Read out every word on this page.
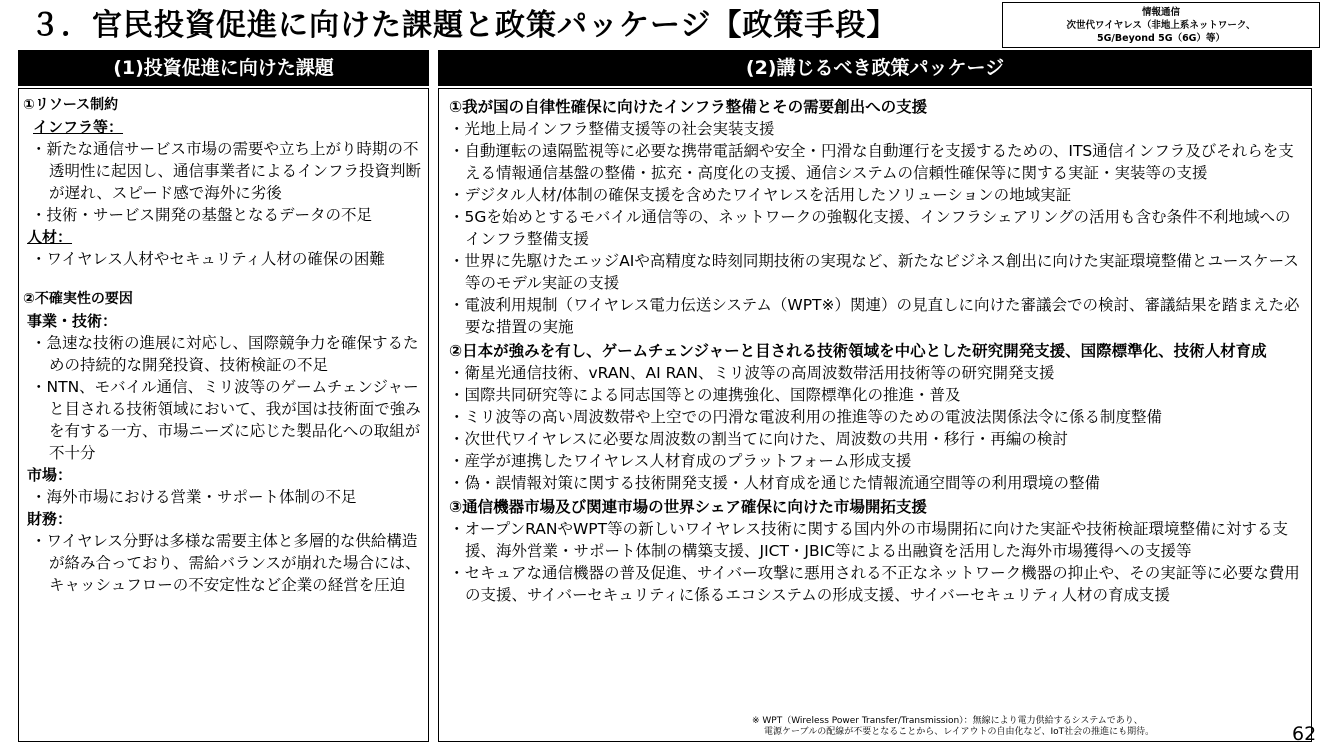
３．官民投資促進に向けた課題と政策パッケージ【政策手段】	情報通信
次世代ワイヤレス（非地上系ネットワーク、
5G/Beyond 5G（6G）等）
(1)投資促進に向けた課題	(2)講じるべき政策パッケージ
①リソース制約
インフラ等：
・新たな通信サービス市場の需要や立ち上がり時期の不透明性に起因し、通信事業者によるインフラ投資判断が遅れ、スピード感で海外に劣後
・技術・サービス開発の基盤となるデータの不足
人材：
・ワイヤレス人材やセキュリティ人材の確保の困難
②不確実性の要因
事業・技術：
・急速な技術の進展に対応し、国際競争力を確保するための持続的な開発投資、技術検証の不足
・NTN、モバイル通信、ミリ波等のゲームチェンジャーと目される技術領域において、我が国は技術面で強みを有する一方、市場ニーズに応じた製品化への取組が不十分
市場：
・海外市場における営業・サポート体制の不足
財務：
・ワイヤレス分野は多様な需要主体と多層的な供給構造が絡み合っており、需給バランスが崩れた場合には、キャッシュフローの不安定性など企業の経営を圧迫
①我が国の自律性確保に向けたインフラ整備とその需要創出への支援
・光地上局インフラ整備支援等の社会実装支援
・自動運転の遠隔監視等に必要な携帯電話網や安全・円滑な自動運行を支援するための、ITS通信インフラ及びそれらを支える情報通信基盤の整備・拡充・高度化の支援、通信システムの信頼性確保等に関する実証・実装等の支援
・デジタル人材/体制の確保支援を含めたワイヤレスを活用したソリューションの地域実証
・5Gを始めとするモバイル通信等の、ネットワークの強靱化支援、インフラシェアリングの活用も含む条件不利地域へのインフラ整備支援
・世界に先駆けたエッジAIや高精度な時刻同期技術の実現など、新たなビジネス創出に向けた実証環境整備とユースケース等のモデル実証の支援
・電波利用規制（ワイヤレス電力伝送システム（WPT※）関連）の見直しに向けた審議会での検討、審議結果を踏まえた必要な措置の実施
②日本が強みを有し、ゲームチェンジャーと目される技術領域を中心とした研究開発支援、国際標準化、技術人材育成
・衛星光通信技術、vRAN、AI RAN、ミリ波等の高周波数帯活用技術等の研究開発支援
・国際共同研究等による同志国等との連携強化、国際標準化の推進・普及
・ミリ波等の高い周波数帯や上空での円滑な電波利用の推進等のための電波法関係法令に係る制度整備
・次世代ワイヤレスに必要な周波数の割当てに向けた、周波数の共用・移行・再編の検討
・産学が連携したワイヤレス人材育成のプラットフォーム形成支援
・偽・誤情報対策に関する技術開発支援・人材育成を通じた情報流通空間等の利用環境の整備
③通信機器市場及び関連市場の世界シェア確保に向けた市場開拓支援
・オープンRANやWPT等の新しいワイヤレス技術に関する国内外の市場開拓に向けた実証や技術検証環境整備に対する支援、海外営業・サポート体制の構築支援、JICT・JBIC等による出融資を活用した海外市場獲得への支援等
・セキュアな通信機器の普及促進、サイバー攻撃に悪用される不正なネットワーク機器の抑止や、その実証等に必要な費用の支援、サイバーセキュリティに係るエコシステムの形成支援、サイバーセキュリティ人材の育成支援
※ WPT（Wireless Power Transfer/Transmission）：無線により電力供給するシステムであり、
電源ケーブルの配線が不要となることから、レイアウトの自由化など、IoT社会の推進にも期待。	62
